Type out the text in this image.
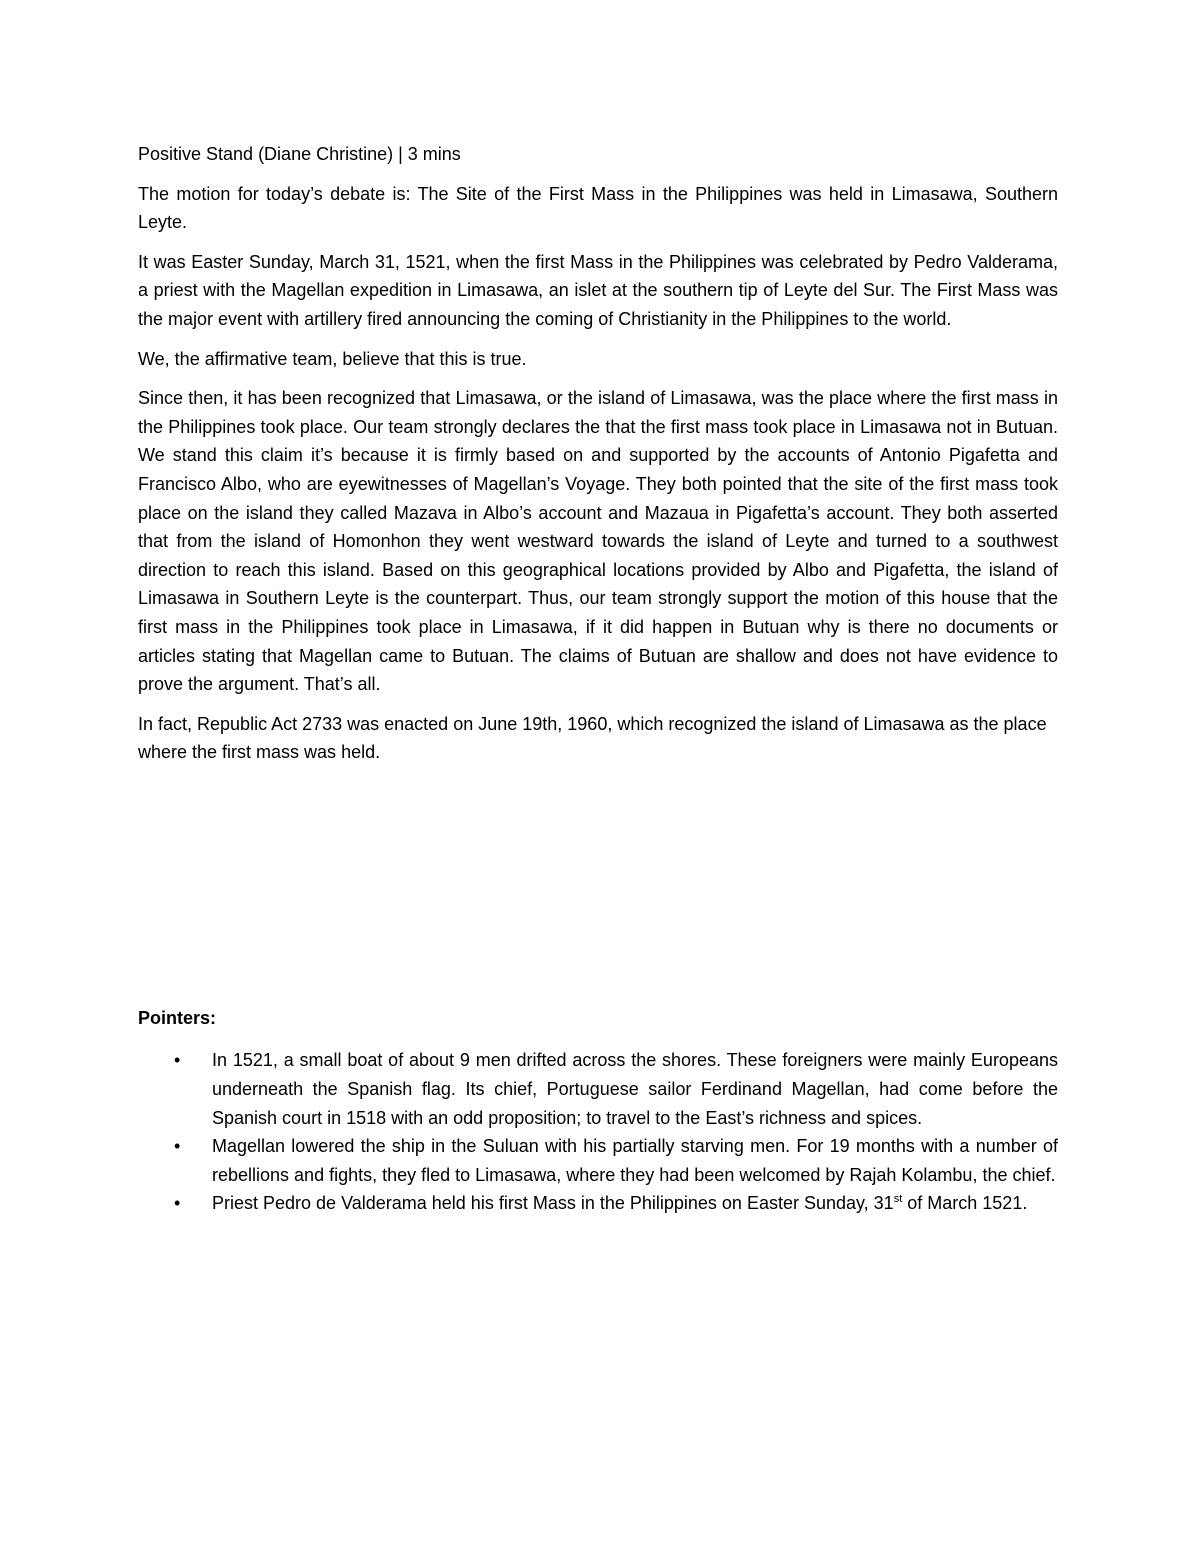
Positive Stand (Diane Christine) | 3 mins

The motion for today’s debate is: The Site of the First Mass in the Philippines was held in Limasawa, Southern Leyte.

It was Easter Sunday, March 31, 1521, when the first Mass in the Philippines was celebrated by Pedro Valderama, a priest with the Magellan expedition in Limasawa, an islet at the southern tip of Leyte del Sur. The First Mass was the major event with artillery fired announcing the coming of Christianity in the Philippines to the world.

We, the affirmative team, believe that this is true.

Since then, it has been recognized that Limasawa, or the island of Limasawa, was the place where the first mass in the Philippines took place. Our team strongly declares the that the first mass took place in Limasawa not in Butuan. We stand this claim it’s because it is firmly based on and supported by the accounts of Antonio Pigafetta and Francisco Albo, who are eyewitnesses of Magellan’s Voyage. They both pointed that the site of the first mass took place on the island they called Mazava in Albo’s account and Mazaua in Pigafetta’s account. They both asserted that from the island of Homonhon they went westward towards the island of Leyte and turned to a southwest direction to reach this island. Based on this geographical locations provided by Albo and Pigafetta, the island of Limasawa in Southern Leyte is the counterpart. Thus, our team strongly support the motion of this house that the first mass in the Philippines took place in Limasawa, if it did happen in Butuan why is there no documents or articles stating that Magellan came to Butuan. The claims of Butuan are shallow and does not have evidence to prove the argument. That’s all.

In fact, Republic Act 2733 was enacted on June 19th, 1960, which recognized the island of Limasawa as the place where the first mass was held.

Pointers:

• In 1521, a small boat of about 9 men drifted across the shores. These foreigners were mainly Europeans underneath the Spanish flag. Its chief, Portuguese sailor Ferdinand Magellan, had come before the Spanish court in 1518 with an odd proposition; to travel to the East’s richness and spices.
• Magellan lowered the ship in the Suluan with his partially starving men. For 19 months with a number of rebellions and fights, they fled to Limasawa, where they had been welcomed by Rajah Kolambu, the chief.
• Priest Pedro de Valderama held his first Mass in the Philippines on Easter Sunday, 31st of March 1521.
